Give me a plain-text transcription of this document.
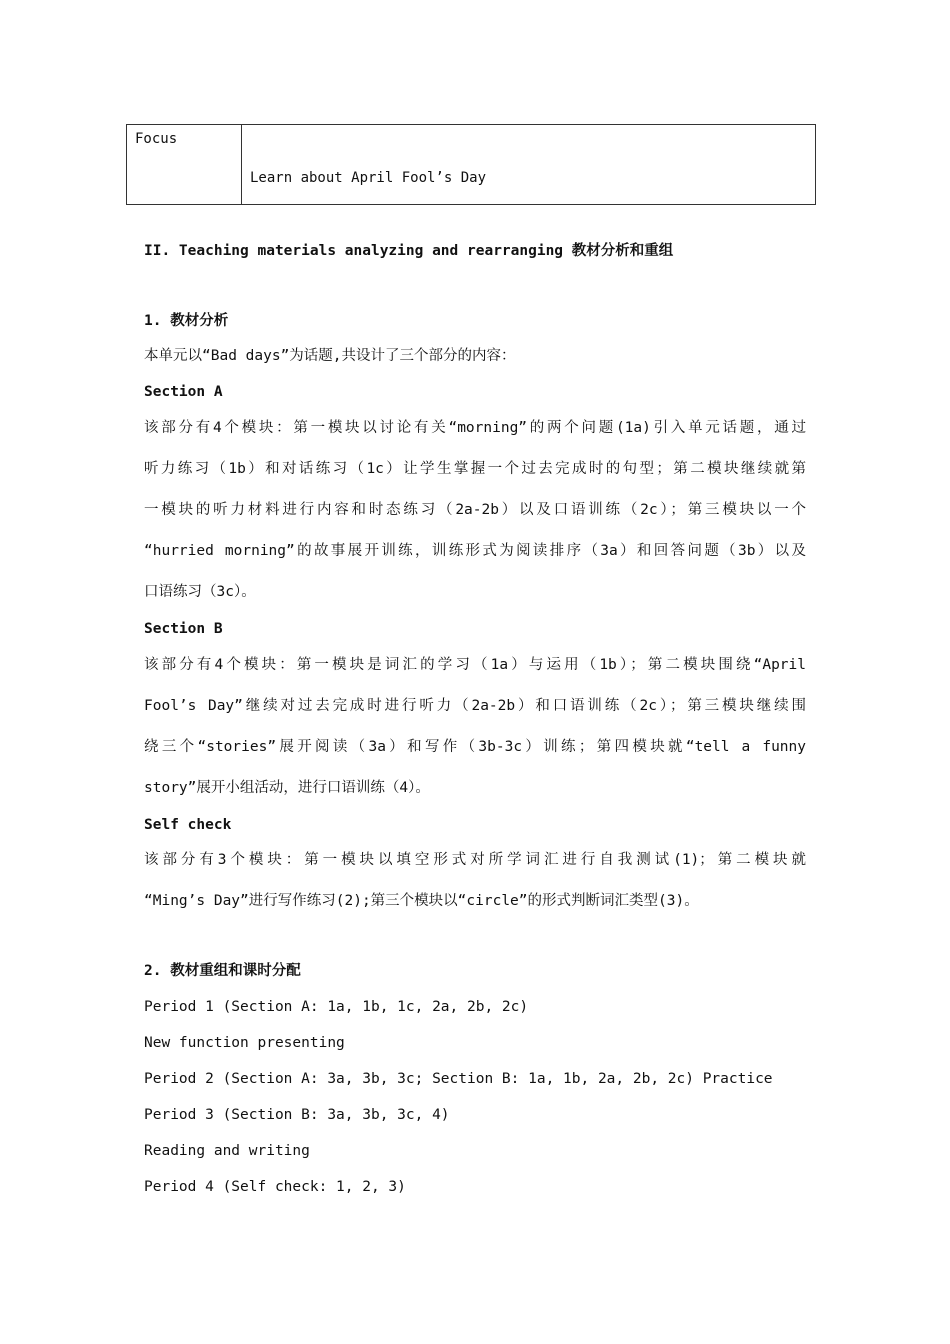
Focus	Learn about April Fool’s Day
II. Teaching materials analyzing and rearranging 教材分析和重组
1. 教材分析
本单元以“Bad days”为话题,共设计了三个部分的内容：
Section A
该部分有4个模块：第一模块以讨论有关“morning”的两个问题(1a)引入单元话题，通过
听力练习（1b）和对话练习（1c）让学生掌握一个过去完成时的句型；第二模块继续就第
一模块的听力材料进行内容和时态练习（2a-2b）以及口语训练（2c）；第三模块以一个
“hurried morning”的故事展开训练，训练形式为阅读排序（3a）和回答问题（3b）以及
口语练习（3c）。
Section B
该部分有4个模块：第一模块是词汇的学习（1a）与运用（1b）；第二模块围绕“April
Fool’s Day”继续对过去完成时进行听力（2a-2b）和口语训练（2c）；第三模块继续围
绕三个“stories”展开阅读（3a）和写作（3b-3c）训练；第四模块就“tell a funny
story”展开小组活动，进行口语训练（4）。
Self check
该部分有3个模块：第一模块以填空形式对所学词汇进行自我测试(1)；第二模块就
“Ming’s Day”进行写作练习(2);第三个模块以“circle”的形式判断词汇类型(3)。
2. 教材重组和课时分配
Period 1 (Section A: 1a, 1b, 1c, 2a, 2b, 2c)
New function presenting
Period 2 (Section A: 3a, 3b, 3c; Section B: 1a, 1b, 2a, 2b, 2c) Practice
Period 3 (Section B: 3a, 3b, 3c, 4)
Reading and writing
Period 4 (Self check: 1, 2, 3)
